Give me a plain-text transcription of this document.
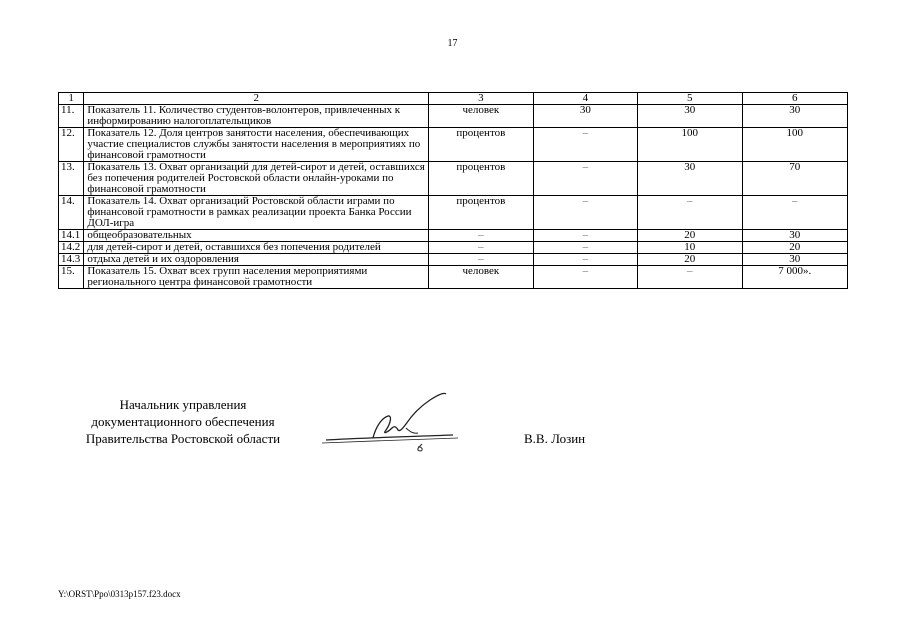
17
1	2	3	4	5	6
11.	Показатель 11. Количество студентов-волонтеров, привлеченных к информированию налогоплательщиков	человек	30	30	30
12.	Показатель 12. Доля центров занятости населения, обеспечивающих участие специалистов службы занятости населения в мероприятиях по финансовой грамотности	процентов	–	100	100
13.	Показатель 13. Охват организаций для детей-сирот и детей, оставшихся без попечения родителей Ростовской области онлайн-уроками по финансовой грамотности	процентов	–	30	70
14.	Показатель 14. Охват организаций Ростовской области играми по финансовой грамотности в рамках реализации проекта Банка России ДОЛ-игра	процентов	–	–	–
14.1	общеобразовательных	–	–	20	30
14.2	для детей-сирот и детей, оставшихся без попечения родителей	–	–	10	20
14.3	отдыха детей и их оздоровления	–	–	20	30
15.	Показатель 15. Охват всех групп населения мероприятиями регионального центра финансовой грамотности	человек	–	–	7 000».
Начальник управления
документационного обеспечения
Правительства Ростовской области	В.В. Лозин
Y:\ORST\Ppo\0313p157.f23.docx
